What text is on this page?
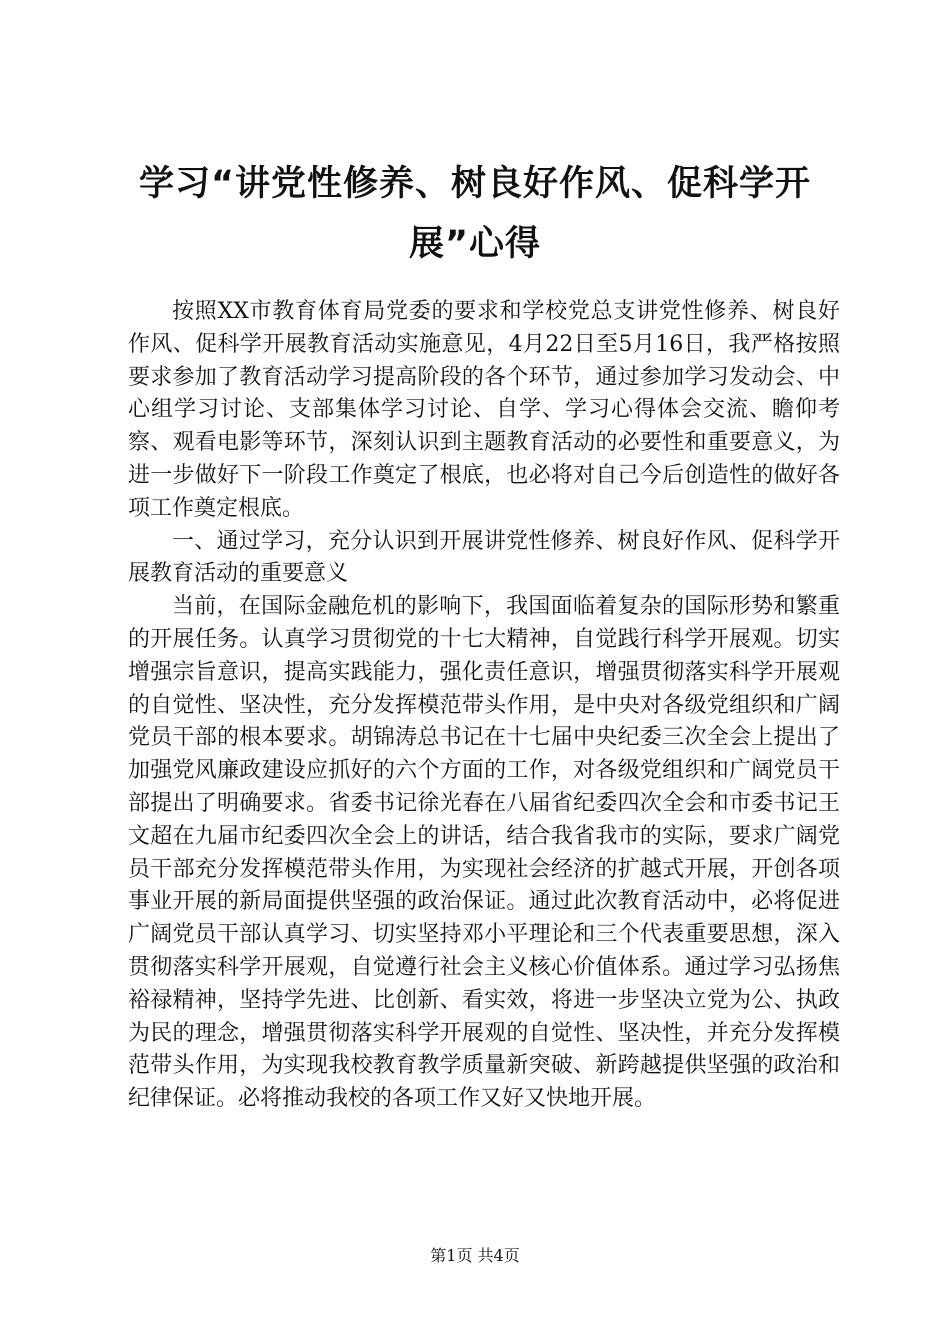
学习“讲党性修养、树良好作风、促科学开
展”心得

按照XX市教育体育局党委的要求和学校党总支讲党性修养、树良好作风、促科学开展教育活动实施意见，4月22日至5月16日，我严格按照要求参加了教育活动学习提高阶段的各个环节，通过参加学习发动会、中心组学习讨论、支部集体学习讨论、自学、学习心得体会交流、瞻仰考察、观看电影等环节，深刻认识到主题教育活动的必要性和重要意义，为进一步做好下一阶段工作奠定了根底，也必将对自己今后创造性的做好各项工作奠定根底。

一、通过学习，充分认识到开展讲党性修养、树良好作风、促科学开展教育活动的重要意义

当前，在国际金融危机的影响下，我国面临着复杂的国际形势和繁重的开展任务。认真学习贯彻党的十七大精神，自觉践行科学开展观。切实增强宗旨意识，提高实践能力，强化责任意识，增强贯彻落实科学开展观的自觉性、坚决性，充分发挥模范带头作用，是中央对各级党组织和广阔党员干部的根本要求。胡锦涛总书记在十七届中央纪委三次全会上提出了加强党风廉政建设应抓好的六个方面的工作，对各级党组织和广阔党员干部提出了明确要求。省委书记徐光春在八届省纪委四次全会和市委书记王文超在九届市纪委四次全会上的讲话，结合我省我市的实际，要求广阔党员干部充分发挥模范带头作用，为实现社会经济的扩越式开展，开创各项事业开展的新局面提供坚强的政治保证。通过此次教育活动中，必将促进广阔党员干部认真学习、切实坚持邓小平理论和三个代表重要思想，深入贯彻落实科学开展观，自觉遵行社会主义核心价值体系。通过学习弘扬焦裕禄精神，坚持学先进、比创新、看实效，将进一步坚决立党为公、执政为民的理念，增强贯彻落实科学开展观的自觉性、坚决性，并充分发挥模范带头作用，为实现我校教育教学质量新突破、新跨越提供坚强的政治和纪律保证。必将推动我校的各项工作又好又快地开展。

第1页 共4页
